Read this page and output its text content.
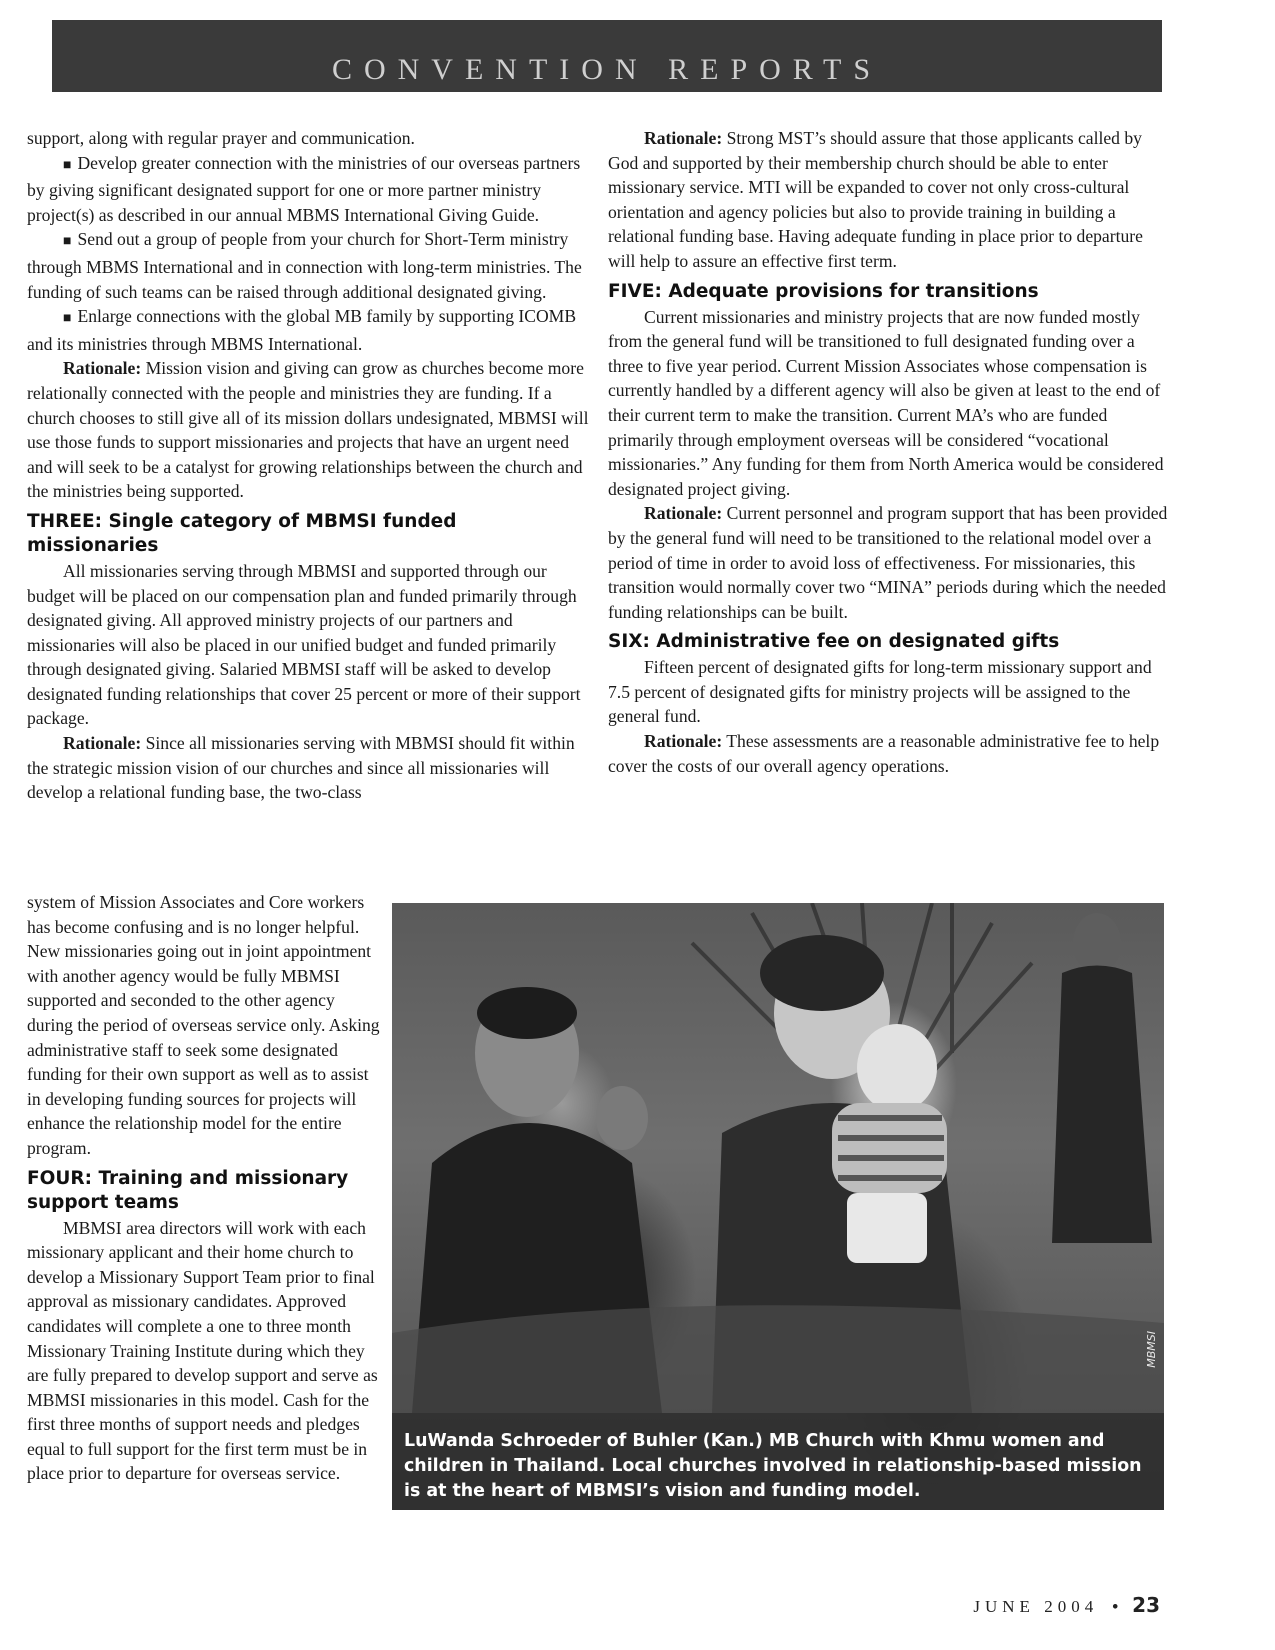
CONVENTION REPORTS

support, along with regular prayer and communication.

■ Develop greater connection with the ministries of our overseas partners by giving significant designated support for one or more partner ministry project(s) as described in our annual MBMS International Giving Guide.

■ Send out a group of people from your church for Short-Term ministry through MBMS International and in connection with long-term ministries. The funding of such teams can be raised through additional designated giving.

■ Enlarge connections with the global MB family by supporting ICOMB and its ministries through MBMS International.

Rationale: Mission vision and giving can grow as churches become more relationally connected with the people and ministries they are funding. If a church chooses to still give all of its mission dollars undesignated, MBMSI will use those funds to support missionaries and projects that have an urgent need and will seek to be a catalyst for growing relationships between the church and the ministries being supported.

THREE: Single category of MBMSI funded missionaries

All missionaries serving through MBMSI and supported through our budget will be placed on our compensation plan and funded primarily through designated giving. All approved ministry projects of our partners and missionaries will also be placed in our unified budget and funded primarily through designated giving. Salaried MBMSI staff will be asked to develop designated funding relationships that cover 25 percent or more of their support package.

Rationale: Since all missionaries serving with MBMSI should fit within the strategic mission vision of our churches and since all missionaries will develop a relational funding base, the two-class

system of Mission Associates and Core workers has become confusing and is no longer helpful. New missionaries going out in joint appointment with another agency would be fully MBMSI supported and seconded to the other agency during the period of overseas service only. Asking administrative staff to seek some designated funding for their own support as well as to assist in developing funding sources for projects will enhance the relationship model for the entire program.

FOUR: Training and missionary support teams

MBMSI area directors will work with each missionary applicant and their home church to develop a Missionary Support Team prior to final approval as missionary candidates. Approved candidates will complete a one to three month Missionary Training Institute during which they are fully prepared to develop support and serve as MBMSI missionaries in this model. Cash for the first three months of support needs and pledges equal to full support for the first term must be in place prior to departure for overseas service.

Rationale: Strong MST’s should assure that those applicants called by God and supported by their membership church should be able to enter missionary service. MTI will be expanded to cover not only cross-cultural orientation and agency policies but also to provide training in building a relational funding base. Having adequate funding in place prior to departure will help to assure an effective first term.

FIVE: Adequate provisions for transitions

Current missionaries and ministry projects that are now funded mostly from the general fund will be transitioned to full designated funding over a three to five year period. Current Mission Associates whose compensation is currently handled by a different agency will also be given at least to the end of their current term to make the transition. Current MA’s who are funded primarily through employment overseas will be considered “vocational missionaries.” Any funding for them from North America would be considered designated project giving.

Rationale: Current personnel and program support that has been provided by the general fund will need to be transitioned to the relational model over a period of time in order to avoid loss of effectiveness. For missionaries, this transition would normally cover two “MINA” periods during which the needed funding relationships can be built.

SIX: Administrative fee on designated gifts

Fifteen percent of designated gifts for long-term missionary support and 7.5 percent of designated gifts for ministry projects will be assigned to the general fund.

Rationale: These assessments are a reasonable administrative fee to help cover the costs of our overall agency operations.

MBMSI
LuWanda Schroeder of Buhler (Kan.) MB Church with Khmu women and children in Thailand. Local churches involved in relationship-based mission is at the heart of MBMSI’s vision and funding model.
JUNE 2004 • 23
